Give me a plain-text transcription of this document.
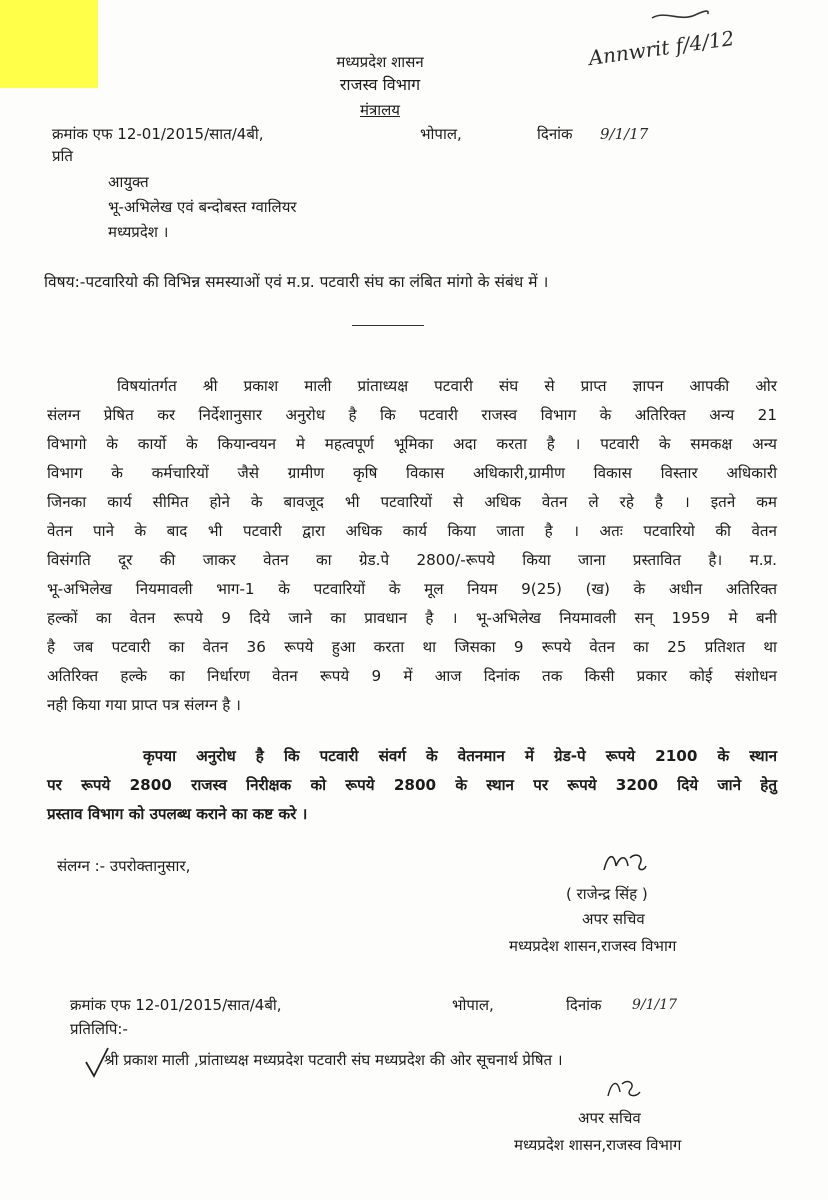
Annwrit f/4/12
मध्यप्रदेश शासन
राजस्व विभाग
मंत्रालय
क्रमांक एफ 12-01/2015/सात/4बी,	भोपाल,	दिनांक 9/1/17
प्रति
आयुक्त
भू-अभिलेख एवं बन्दोबस्त ग्वालियर
मध्यप्रदेश ।
विषय:-पटवारियो की विभिन्न समस्याओं एवं म.प्र. पटवारी संघ का लंबित मांगो के संबंध में ।
विषयांतर्गत श्री प्रकाश माली प्रांताध्यक्ष पटवारी संघ से प्राप्त ज्ञापन आपकी ओर
संलग्न प्रेषित कर निर्देशानुसार अनुरोध है कि पटवारी राजस्व विभाग के अतिरिक्त अन्य 21
विभागो के कार्यो के कियान्वयन मे महत्वपूर्ण भूमिका अदा करता है । पटवारी के समकक्ष अन्य
विभाग के कर्मचारियों जैसे ग्रामीण कृषि विकास अधिकारी,ग्रामीण विकास विस्तार अधिकारी
जिनका कार्य सीमित होने के बावजूद भी पटवारियों से अधिक वेतन ले रहे है । इतने कम
वेतन पाने के बाद भी पटवारी द्वारा अधिक कार्य किया जाता है । अतः पटवारियो की वेतन
विसंगति दूर की जाकर वेतन का ग्रेड.पे 2800/-रूपये किया जाना प्रस्तावित है। म.प्र.
भू-अभिलेख नियमावली भाग-1 के पटवारियों के मूल नियम 9(25) (ख) के अधीन अतिरिक्त
हल्कों का वेतन रूपये 9 दिये जाने का प्रावधान है । भू-अभिलेख नियमावली सन् 1959 मे बनी
है जब पटवारी का वेतन 36 रूपये हुआ करता था जिसका 9 रूपये वेतन का 25 प्रतिशत था
अतिरिक्त हल्के का निर्धारण वेतन रूपये 9 में आज दिनांक तक किसी प्रकार कोई संशोधन
नही किया गया प्राप्त पत्र संलग्न है ।
कृपया अनुरोध है कि पटवारी संवर्ग के वेतनमान में ग्रेड-पे रूपये 2100 के स्थान
पर रूपये 2800 राजस्व निरीक्षक को रूपये 2800 के स्थान पर रूपये 3200 दिये जाने हेतु
प्रस्ताव विभाग को उपलब्ध कराने का कष्ट करे ।
संलग्न :- उपरोक्तानुसार,
( राजेन्द्र सिंह )
अपर सचिव
मध्यप्रदेश शासन,राजस्व विभाग
क्रमांक एफ 12-01/2015/सात/4बी,	भोपाल,	दिनांक 9/1/17
प्रतिलिपि:-
श्री प्रकाश माली ,प्रांताध्यक्ष मध्यप्रदेश पटवारी संघ मध्यप्रदेश की ओर सूचनार्थ प्रेषित ।
अपर सचिव
मध्यप्रदेश शासन,राजस्व विभाग
